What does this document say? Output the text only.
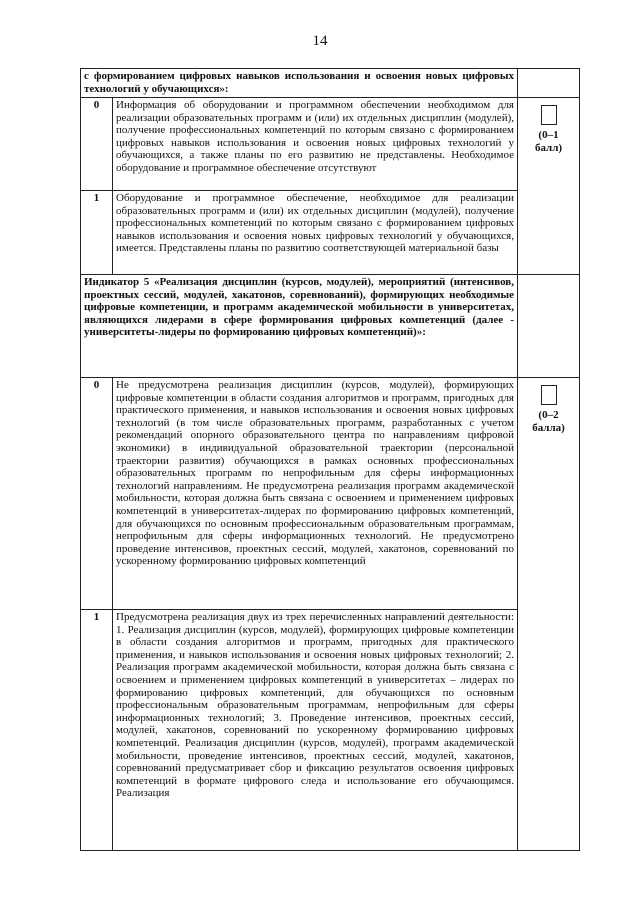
14
с формированием цифровых навыков использования и освоения новых цифровых технологий у обучающихся»:		
0	Информация об оборудовании и программном обеспечении необходимом для реализации образовательных программ и (или) их отдельных дисциплин (модулей), получение профессиональных компетенций по которым связано с формированием цифровых навыков использования и освоения новых цифровых технологий у обучающихся, а также планы по его развитию не представлены. Необходимое оборудование и программное обеспечение отсутствуют	(0–1
балл)

1	Оборудование и программное обеспечение, необходимое для реализации образовательных программ и (или) их отдельных дисциплин (модулей), получение профессиональных компетенций по которым связано с формированием цифровых навыков использования и освоения новых цифровых технологий у обучающихся, имеется. Представлены планы по развитию соответствующей материальной базы	
Индикатор 5 «Реализация дисциплин (курсов, модулей), мероприятий (интенсивов, проектных сессий, модулей, хакатонов, соревнований), формирующих необходимые цифровые компетенции, и программ академической мобильности в университетах, являющихся лидерами в сфере формирования цифровых компетенций (далее - университеты-лидеры по формированию цифровых компетенций)»:		
0	Не предусмотрена реализация дисциплин (курсов, модулей), формирующих цифровые компетенции в области создания алгоритмов и программ, пригодных для практического применения, и навыков использования и освоения новых цифровых технологий (в том числе образовательных программ, разработанных с учетом рекомендаций опорного образовательного центра по направлениям цифровой экономики) в индивидуальной образовательной траектории (персональной траектории развития) обучающихся в рамках основных профессиональных образовательных программ по непрофильным для сферы информационных технологий направлениям. Не предусмотрена реализация программ академической мобильности, которая должна быть связана с освоением и применением цифровых компетенций в университетах-лидерах по формированию цифровых компетенций, для обучающихся по основным профессиональным образовательным программам, непрофильным для сферы информационных технологий. Не предусмотрено проведение интенсивов, проектных сессий, модулей, хакатонов, соревнований по ускоренному формированию цифровых компетенций	(0–2
балла)

1	Предусмотрена реализация двух из трех перечисленных направлений деятельности: 1. Реализация дисциплин (курсов, модулей), формирующих цифровые компетенции в области создания алгоритмов и программ, пригодных для практического применения, и навыков использования и освоения новых цифровых технологий; 2. Реализация программ академической мобильности, которая должна быть связана с освоением и применением цифровых компетенций в университетах – лидерах по формированию цифровых компетенций, для обучающихся по основным профессиональным образовательным программам, непрофильным для сферы информационных технологий; 3. Проведение интенсивов, проектных сессий, модулей, хакатонов, соревнований по ускоренному формированию цифровых компетенций. Реализация дисциплин (курсов, модулей), программ академической мобильности, проведение интенсивов, проектных сессий, модулей, хакатонов, соревнований предусматривает сбор и фиксацию результатов освоения цифровых компетенций в формате цифрового следа и использование его обучающимся. Реализация	
